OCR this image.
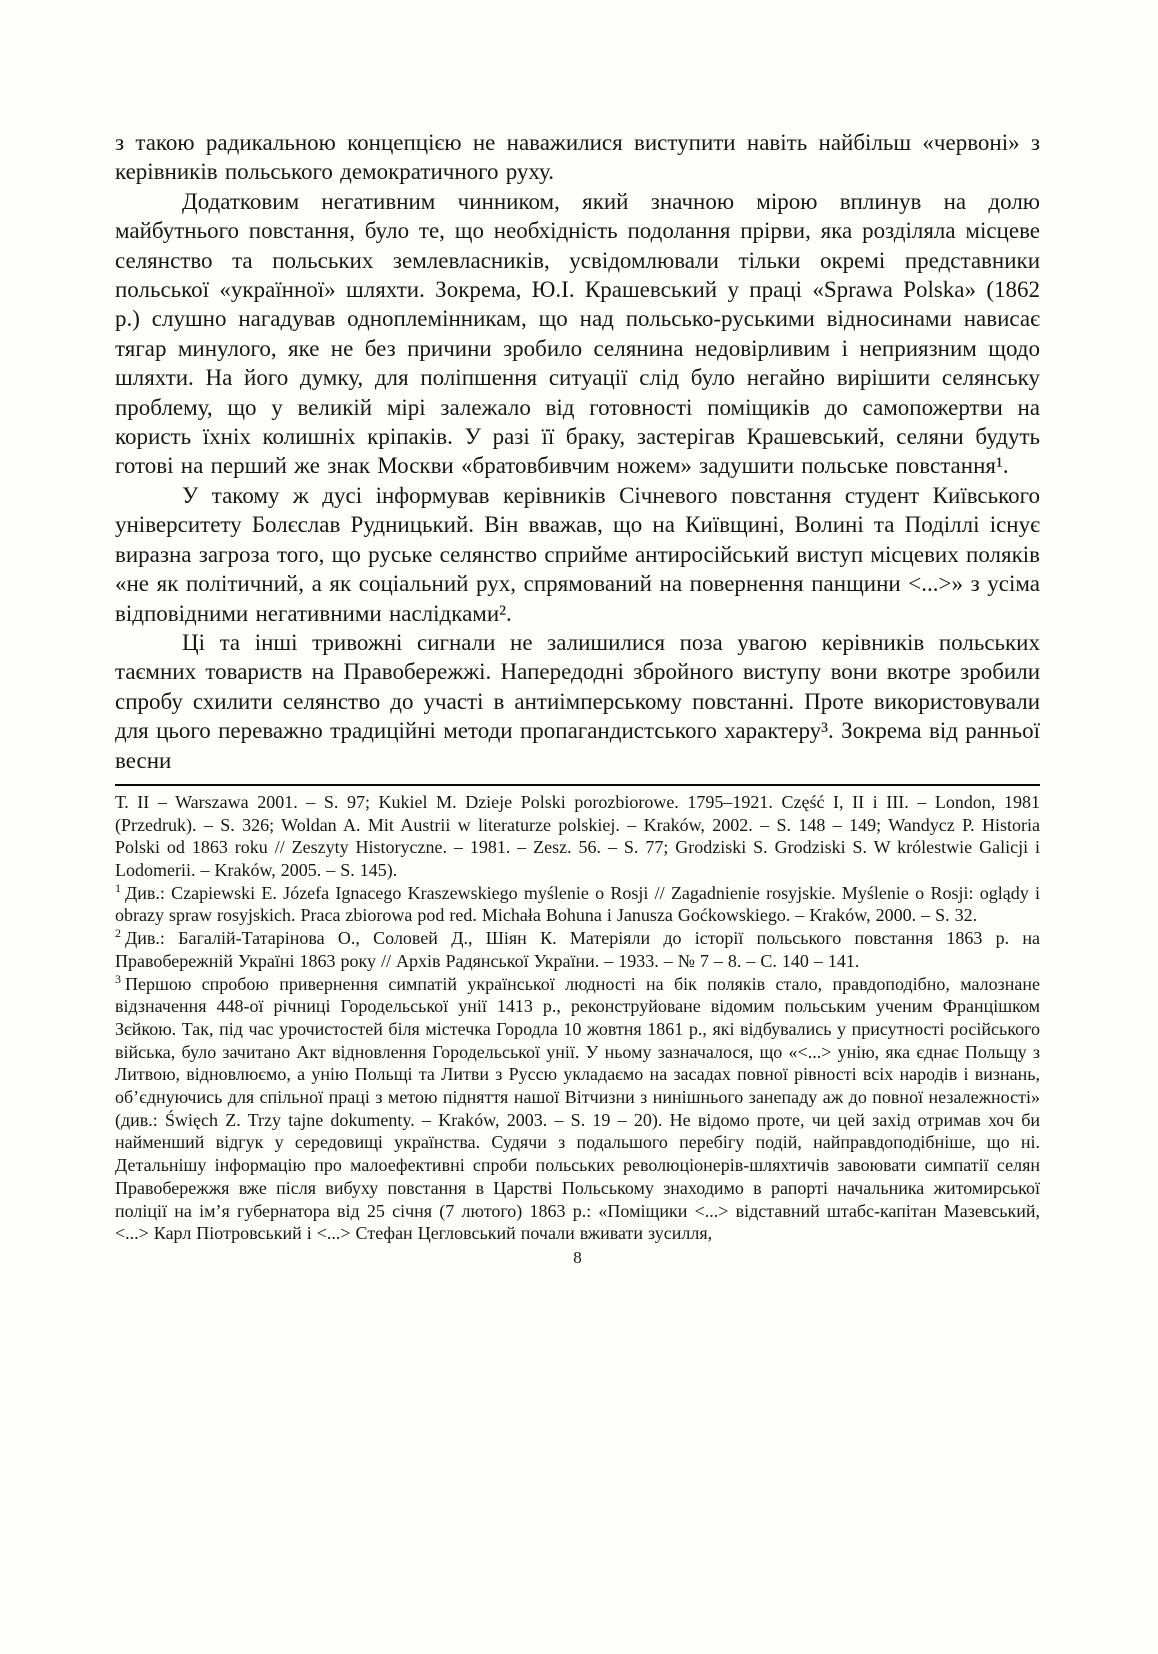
з такою радикальною концепцією не наважилися виступити навіть найбільш «червоні» з керівників польського демократичного руху.

Додатковим негативним чинником, який значною мірою вплинув на долю майбутнього повстання, було те, що необхідність подолання прірви, яка розділяла місцеве селянство та польських землевласників, усвідомлювали тільки окремі представники польської «українної» шляхти. Зокрема, Ю.І. Крашевський у праці «Sprawa Polska» (1862 р.) слушно нагадував одноплемінникам, що над польсько-руськими відносинами нависає тягар минулого, яке не без причини зробило селянина недовірливим і неприязним щодо шляхти. На його думку, для поліпшення ситуації слід було негайно вирішити селянську проблему, що у великій мірі залежало від готовності поміщиків до самопожертви на користь їхніх колишніх кріпаків. У разі її браку, застерігав Крашевський, селяни будуть готові на перший же знак Москви «братовбивчим ножем» задушити польське повстання¹.

У такому ж дусі інформував керівників Січневого повстання студент Київського університету Болєслав Рудницький. Він вважав, що на Київщині, Волині та Поділлі існує виразна загроза того, що руське селянство сприйме антиросійський виступ місцевих поляків «не як політичний, а як соціальний рух, спрямований на повернення панщини <...>» з усіма відповідними негативними наслідками².

Ці та інші тривожні сигнали не залишилися поза увагою керівників польських таємних товариств на Правобережжі. Напередодні збройного виступу вони вкотре зробили спробу схилити селянство до участі в антиімперському повстанні. Проте використовували для цього переважно традиційні методи пропагандистського характеру³. Зокрема від ранньої весни

Т. II – Warszawa 2001. – S. 97; Kukiel M. Dzieje Polski porozbiorowe. 1795–1921. Część I, II і III. – London, 1981 (Przedruk). – S. 326; Woldan A. Mit Austrii w literaturze polskiej. – Kraków, 2002. – S. 148 – 149; Wandycz P. Historia Polski od 1863 roku // Zeszyty Historyczne. – 1981. – Zesz. 56. – S. 77; Grodziski S. Grodziski S. W królestwie Galicji i Lodomerii. – Kraków, 2005. – S. 145).

$^1$ Див.: Czapiewski E. Józefa Ignacego Kraszewskiego myślenie o Rosji // Zagadnienie rosyjskie. Myślenie o Rosji: oglądy i obrazy spraw rosyjskich. Praca zbiorowa pod red. Michała Bohuna i Janusza Goćkowskiego. – Kraków, 2000. – S. 32.

$^2$ Див.: Багалій-Татарінова О., Соловей Д., Шіян К. Матеріяли до історії польського повстання 1863 р. на Правобережній Україні 1863 року // Архів Радянської України. – 1933. – № 7 – 8. – С. 140 – 141.

$^3$ Першою спробою привернення симпатій української людності на бік поляків стало, правдоподібно, малознане відзначення 448-ої річниці Городельської унії 1413 р., реконструйоване відомим польським ученим Францішком Зєйкою. Так, під час урочистостей біля містечка Городла 10 жовтня 1861 р., які відбувались у присутності російського війська, було зачитано Акт відновлення Городельської унії. У ньому зазначалося, що «<...> унію, яка єднає Польщу з Литвою, відновлюємо, а унію Польщі та Литви з Руссю укладаємо на засадах повної рівності всіх народів і визнань, об’єднуючись для спільної праці з метою підняття нашої Вітчизни з нинішнього занепаду аж до повної незалежності» (див.: Święch Z. Trzy tajne dokumenty. – Kraków, 2003. – S. 19 – 20). Не відомо проте, чи цей захід отримав хоч би найменший відгук у середовищі українства. Судячи з подальшого перебігу подій, найправдоподібніше, що ні. Детальнішу інформацію про малоефективні спроби польських революціонерів-шляхтичів завоювати симпатії селян Правобережжя вже після вибуху повстання в Царстві Польському знаходимо в рапорті начальника житомирської поліції на ім’я губернатора від 25 січня (7 лютого) 1863 р.: «Поміщики <...> відставний штабс-капітан Мазевський, <...> Карл Піотровський і <...> Стефан Цегловський почали вживати зусилля,

8
